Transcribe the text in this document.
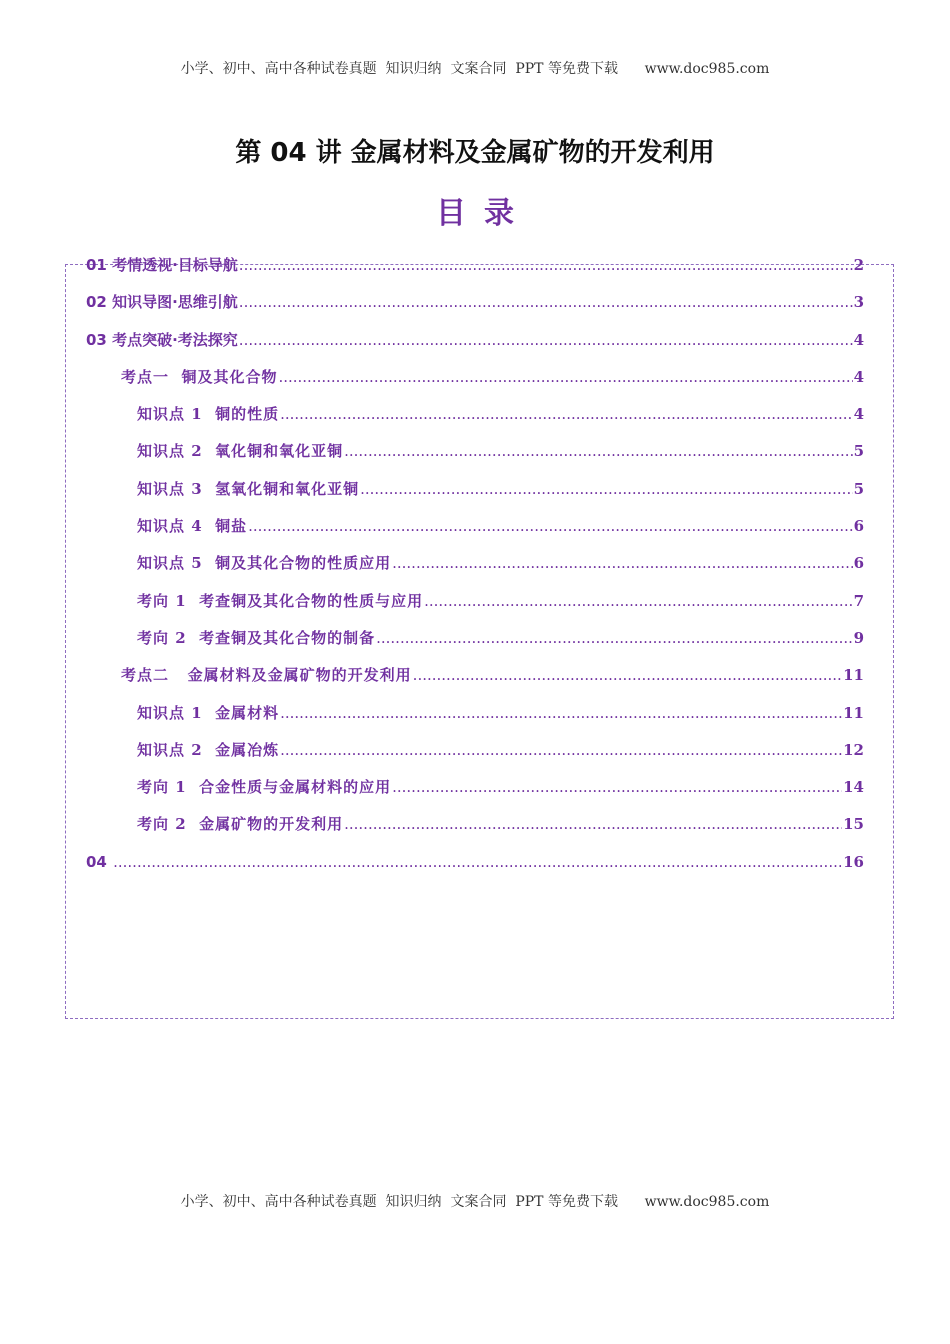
小学、初中、高中各种试卷真题  知识归纳  文案合同  PPT 等免费下载      www.doc985.com
第 04 讲 金属材料及金属矿物的开发利用
目录
01 考情透视·目标导航 .....	2
02 知识导图·思维引航 .....	3
03 考点突破·考法探究 .....	4
考点一  铜及其化合物 .....	4
知识点 1  铜的性质 .....	4
知识点 2  氧化铜和氧化亚铜 .....	5
知识点 3  氢氧化铜和氧化亚铜 .....	5
知识点 4  铜盐 .....	6
知识点 5  铜及其化合物的性质应用 .....	6
考向 1  考查铜及其化合物的性质与应用 .....	7
考向 2  考查铜及其化合物的制备 .....	9
考点二   金属材料及金属矿物的开发利用 .....	11
知识点 1  金属材料 .....	11
知识点 2  金属冶炼 .....	12
考向 1  合金性质与金属材料的应用 .....	14
考向 2  金属矿物的开发利用 .....	15
04 .....	16
小学、初中、高中各种试卷真题  知识归纳  文案合同  PPT 等免费下载      www.doc985.com
